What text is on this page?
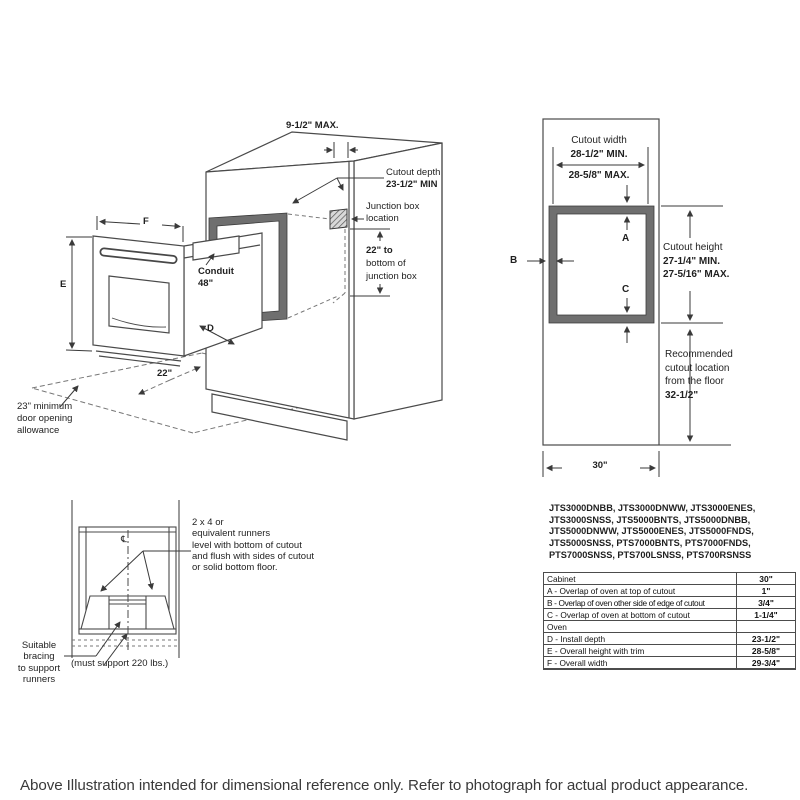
9-1/2" MAX.
Cutout depth
23-1/2" MIN
Junction box
location
22" to
bottom of
junction box
Conduit
48"
F
E
D
22"
23" minimum
door opening
allowance
Cutout width
28-1/2" MIN.
28-5/8" MAX.
A
B
C
Cutout height
27-1/4" MIN.
27-5/16" MAX.
Recommended
cutout location
from the floor
32-1/2"
30"
℄
2 x 4 or
equivalent runners
level with bottom of cutout
and flush with sides of cutout
or solid bottom floor.
Suitable
bracing
to support
runners
(must support 220 lbs.)
JTS3000DNBB, JTS3000DNWW, JTS3000ENES,
JTS3000SNSS, JTS5000BNTS, JTS5000DNBB,
JTS5000DNWW, JTS5000ENES, JTS5000FNDS,
JTS5000SNSS, PTS7000BNTS, PTS7000FNDS,
PTS7000SNSS, PTS700LSNSS, PTS700RSNSS
Cabinet	30"
A - Overlap of oven at top of cutout	1"
B - Overlap of oven other side of edge of cutout	3/4"
C - Overlap of oven at bottom of cutout	1-1/4"
Oven	
D - Install depth	23-1/2"
E - Overall height with trim	28-5/8"
F - Overall width	29-3/4"
Above Illustration intended for dimensional reference only. Refer to photograph for actual product appearance.
